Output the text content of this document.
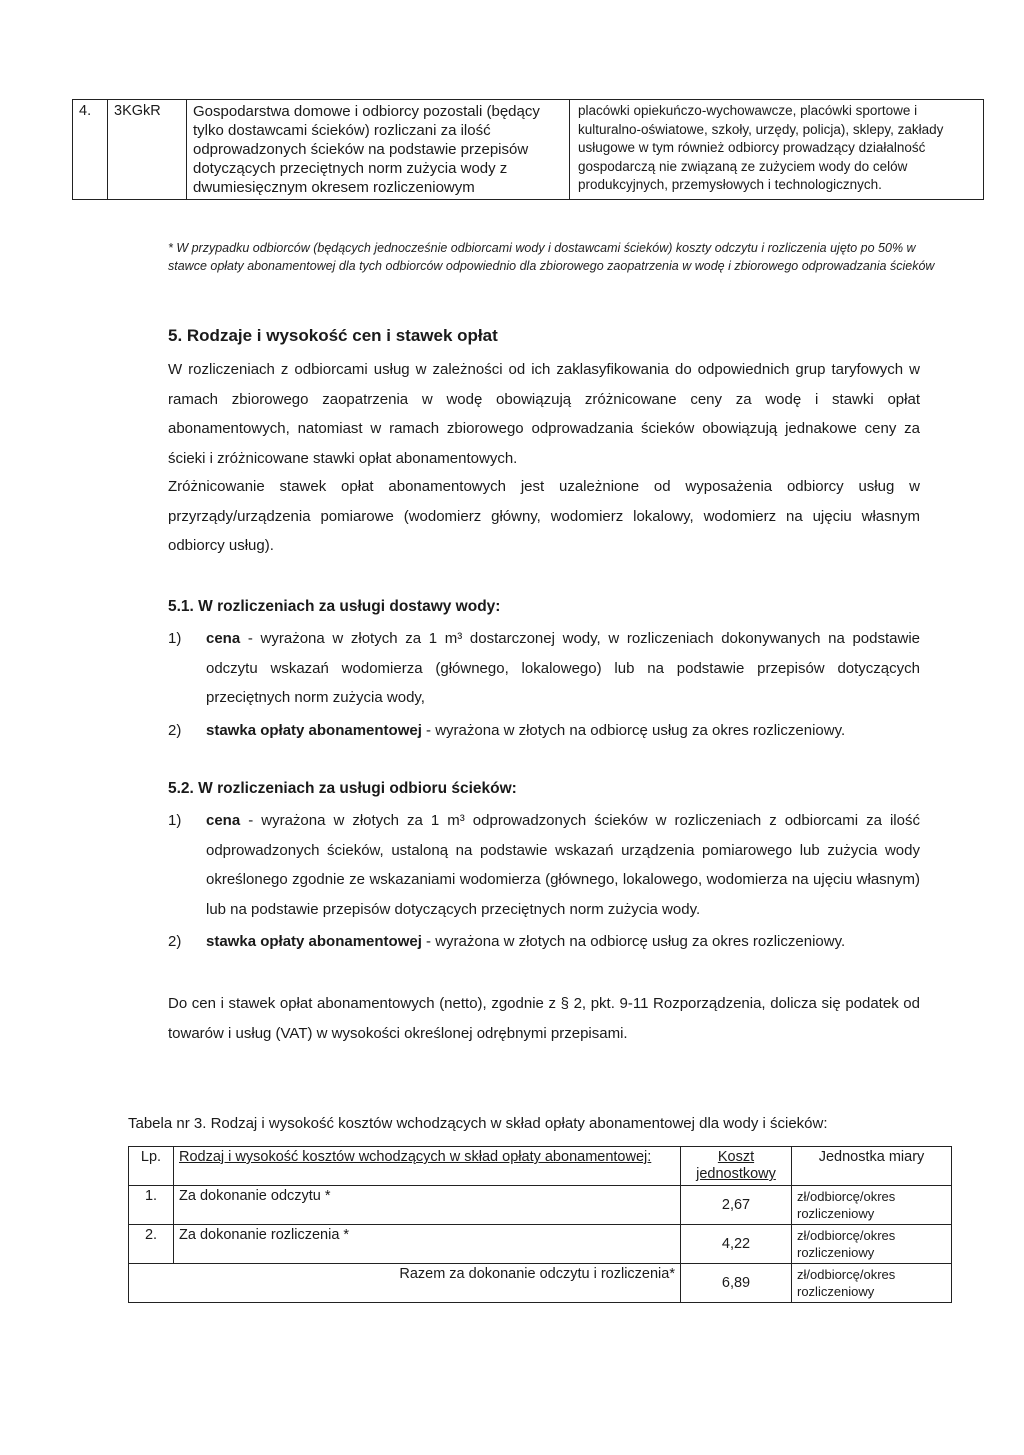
4.	3KGkR	Gospodarstwa domowe i odbiorcy pozostali (będący tylko dostawcami ścieków) rozliczani za ilość odprowadzonych ścieków na podstawie przepisów dotyczących przeciętnych norm zużycia wody z dwumiesięcznym okresem rozliczeniowym	placówki opiekuńczo-wychowawcze, placówki sportowe i kulturalno-oświatowe, szkoły, urzędy, policja), sklepy, zakłady usługowe w tym również odbiorcy prowadzący działalność gospodarczą nie związaną ze zużyciem wody do celów produkcyjnych, przemysłowych i technologicznych.
* W przypadku odbiorców (będących jednocześnie odbiorcami wody i dostawcami ścieków) koszty odczytu i rozliczenia ujęto po 50% w stawce opłaty abonamentowej dla tych odbiorców odpowiednio dla zbiorowego zaopatrzenia w wodę i zbiorowego odprowadzania ścieków
5. Rodzaje i wysokość cen i stawek opłat
W rozliczeniach z odbiorcami usług w zależności od ich zaklasyfikowania do odpowiednich grup taryfowych w ramach zbiorowego zaopatrzenia w wodę obowiązują zróżnicowane ceny za wodę i stawki opłat abonamentowych, natomiast w ramach zbiorowego odprowadzania ścieków obowiązują jednakowe ceny za ścieki i zróżnicowane stawki opłat abonamentowych.
Zróżnicowanie stawek opłat abonamentowych jest uzależnione od wyposażenia odbiorcy usług w przyrządy/urządzenia pomiarowe (wodomierz główny, wodomierz lokalowy, wodomierz na ujęciu własnym odbiorcy usług).
5.1. W rozliczeniach za usługi dostawy wody:
1) cena - wyrażona w złotych za 1 m³ dostarczonej wody, w rozliczeniach dokonywanych na podstawie odczytu wskazań wodomierza (głównego, lokalowego) lub na podstawie przepisów dotyczących przeciętnych norm zużycia wody,
2) stawka opłaty abonamentowej - wyrażona w złotych na odbiorcę usług za okres rozliczeniowy.
5.2. W rozliczeniach za usługi odbioru ścieków:
1) cena - wyrażona w złotych za 1 m³ odprowadzonych ścieków w rozliczeniach z odbiorcami za ilość odprowadzonych ścieków, ustaloną na podstawie wskazań urządzenia pomiarowego lub zużycia wody określonego zgodnie ze wskazaniami wodomierza (głównego, lokalowego, wodomierza na ujęciu własnym) lub na podstawie przepisów dotyczących przeciętnych norm zużycia wody.
2) stawka opłaty abonamentowej - wyrażona w złotych na odbiorcę usług za okres rozliczeniowy.
Do cen i stawek opłat abonamentowych (netto), zgodnie z § 2, pkt. 9-11 Rozporządzenia, dolicza się podatek od towarów i usług (VAT) w wysokości określonej odrębnymi przepisami.
Tabela nr 3. Rodzaj i wysokość kosztów wchodzących w skład opłaty abonamentowej dla wody i ścieków:
Lp.	Rodzaj i wysokość kosztów wchodzących w skład opłaty abonamentowej:	Koszt jednostkowy	Jednostka miary
1.	Za dokonanie odczytu *	2,67	zł/odbiorcę/okres rozliczeniowy
2.	Za dokonanie rozliczenia *	4,22	zł/odbiorcę/okres rozliczeniowy
Razem za dokonanie odczytu i rozliczenia*		6,89	zł/odbiorcę/okres rozliczeniowy
